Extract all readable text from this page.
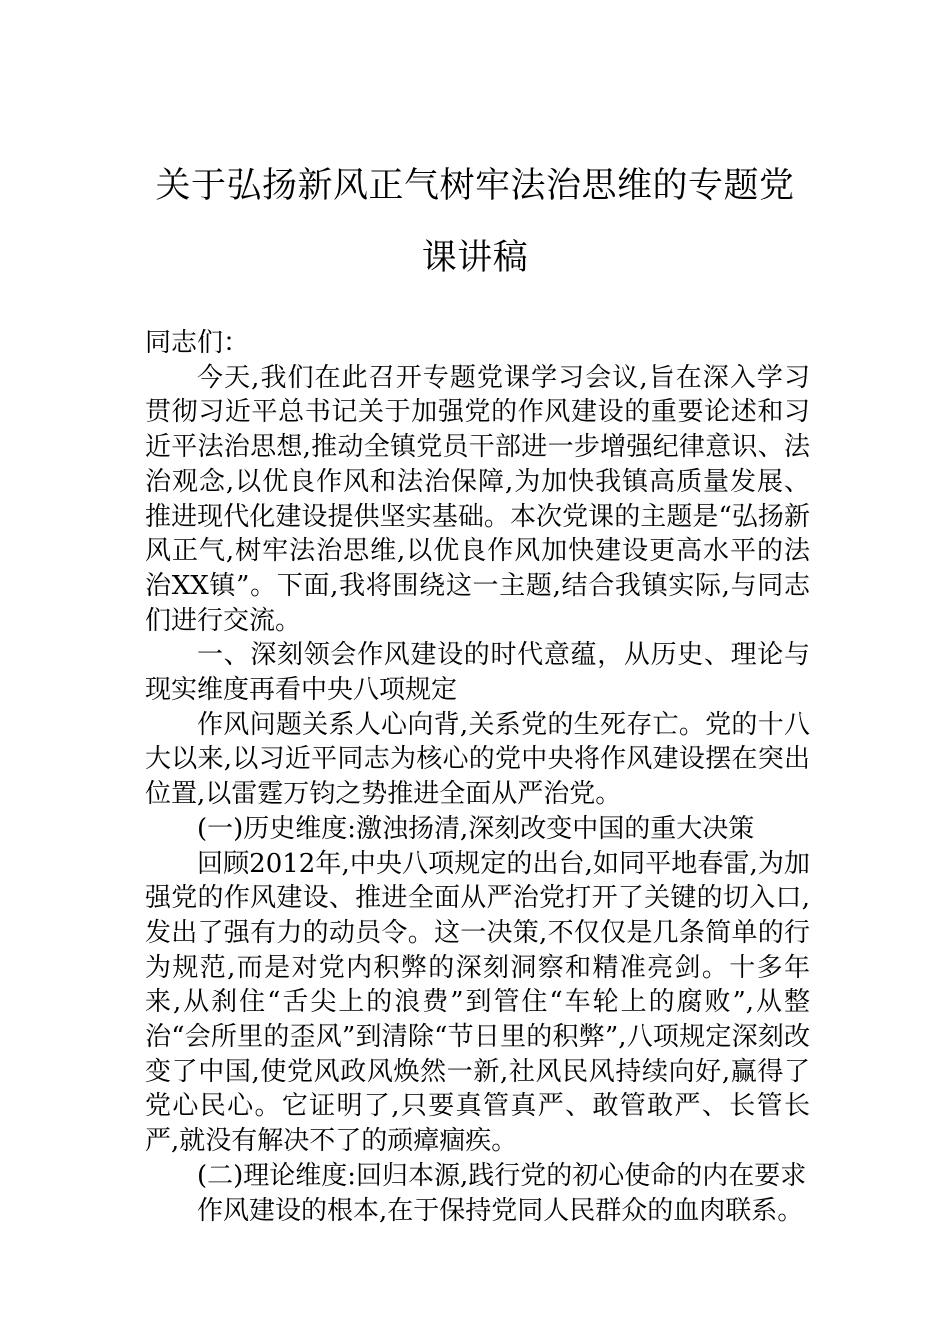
关于弘扬新风正气树牢法治思维的专题党
课讲稿

同志们：

今天,我们在此召开专题党课学习会议,旨在深入学习贯彻习近平总书记关于加强党的作风建设的重要论述和习近平法治思想,推动全镇党员干部进一步增强纪律意识、法治观念,以优良作风和法治保障,为加快我镇高质量发展、推进现代化建设提供坚实基础。本次党课的主题是“弘扬新风正气,树牢法治思维,以优良作风加快建设更高水平的法治XX镇”。下面,我将围绕这一主题,结合我镇实际,与同志们进行交流。

一、深刻领会作风建设的时代意蕴，从历史、理论与现实维度再看中央八项规定

作风问题关系人心向背,关系党的生死存亡。党的十八大以来,以习近平同志为核心的党中央将作风建设摆在突出位置,以雷霆万钧之势推进全面从严治党。

(一)历史维度:激浊扬清,深刻改变中国的重大决策

回顾2012年,中央八项规定的出台,如同平地春雷,为加强党的作风建设、推进全面从严治党打开了关键的切入口,发出了强有力的动员令。这一决策,不仅仅是几条简单的行为规范,而是对党内积弊的深刻洞察和精准亮剑。十多年来,从刹住“舌尖上的浪费”到管住“车轮上的腐败”,从整治“会所里的歪风”到清除“节日里的积弊”,八项规定深刻改变了中国,使党风政风焕然一新,社风民风持续向好,赢得了党心民心。它证明了,只要真管真严、敢管敢严、长管长严,就没有解决不了的顽瘴痼疾。

(二)理论维度:回归本源,践行党的初心使命的内在要求

作风建设的根本,在于保持党同人民群众的血肉联系。
